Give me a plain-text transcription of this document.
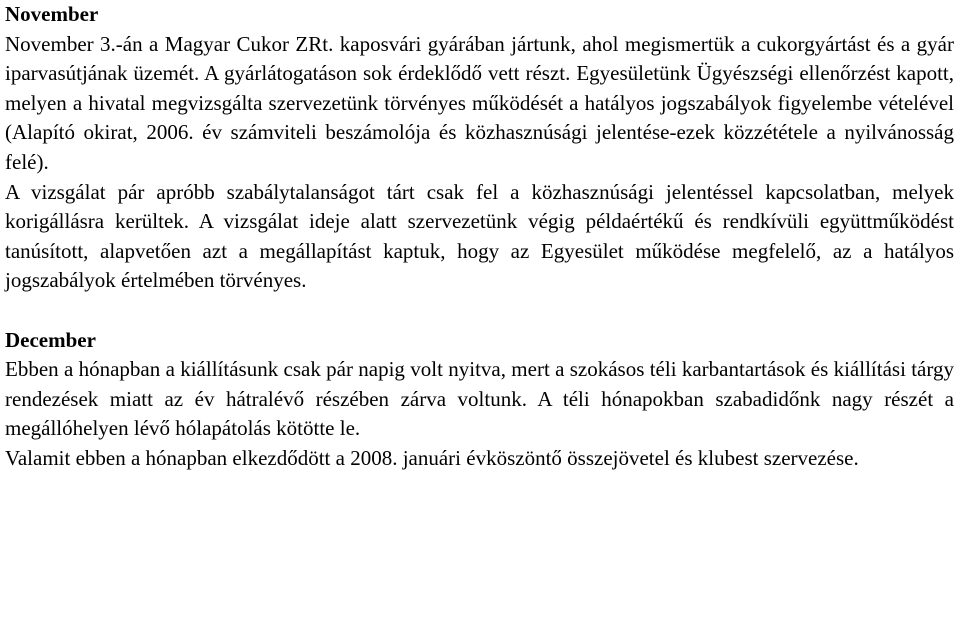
November

November 3.-án a Magyar Cukor ZRt. kaposvári gyárában jártunk, ahol megismertük a cukorgyártást és a gyár iparvasútjának üzemét. A gyárlátogatáson sok érdeklődő vett részt. Egyesületünk Ügyészségi ellenőrzést kapott, melyen a hivatal megvizsgálta szervezetünk törvényes működését a hatályos jogszabályok figyelembe vételével (Alapító okirat, 2006. év számviteli beszámolója és közhasznúsági jelentése-ezek közzététele a nyilvánosság felé).

A vizsgálat pár apróbb szabálytalanságot tárt csak fel a közhasznúsági jelentéssel kapcsolatban, melyek korigállásra kerültek. A vizsgálat ideje alatt szervezetünk végig példaértékű és rendkívüli együttműködést tanúsított, alapvetően azt a megállapítást kaptuk, hogy az Egyesület működése megfelelő, az a hatályos jogszabályok értelmében törvényes.

December

Ebben a hónapban a kiállításunk csak pár napig volt nyitva, mert a szokásos téli karbantartások és kiállítási tárgy rendezések miatt az év hátralévő részében zárva voltunk. A téli hónapokban szabadidőnk nagy részét a megállóhelyen lévő hólapátolás kötötte le.

Valamit ebben a hónapban elkezdődött a 2008. januári évköszöntő összejövetel és klubest szervezése.
